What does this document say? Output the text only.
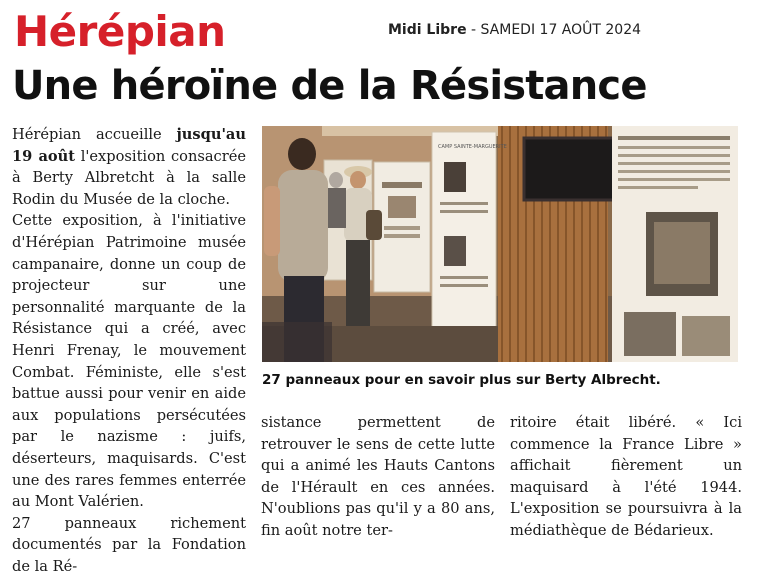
Hérépian	Midi Libre - SAMEDI 17 AOÛT 2024
Une héroïne de la Résistance

Hérépian accueille jusqu'au 19 août l'exposition consacrée à Berty Albretcht à la salle Rodin du Musée de la cloche.

Cette exposition, à l'initiative d'Hérépian Patrimoine musée campanaire, donne un coup de projecteur sur une personnalité marquante de la Résistance qui a créé, avec Henri Frenay, le mouvement Combat. Féministe, elle s'est battue aussi pour venir en aide aux populations persécutées par le nazisme : juifs, déserteurs, maquisards. C'est une des rares femmes enterrée au Mont Valérien.

27 panneaux richement documentés par la Fondation de la Ré-

CAMP SAINTE-MARGUERITE
27 panneaux pour en savoir plus sur Berty Albrecht.

sistance permettent de retrouver le sens de cette lutte qui a animé les Hauts Cantons de l'Hérault en ces années. N'oublions pas qu'il y a 80 ans, fin août notre ter-

ritoire était libéré. « Ici commence la France Libre » affichait fièrement un maquisard à l'été 1944. L'exposition se poursuivra à la médiathèque de Bédarieux.
